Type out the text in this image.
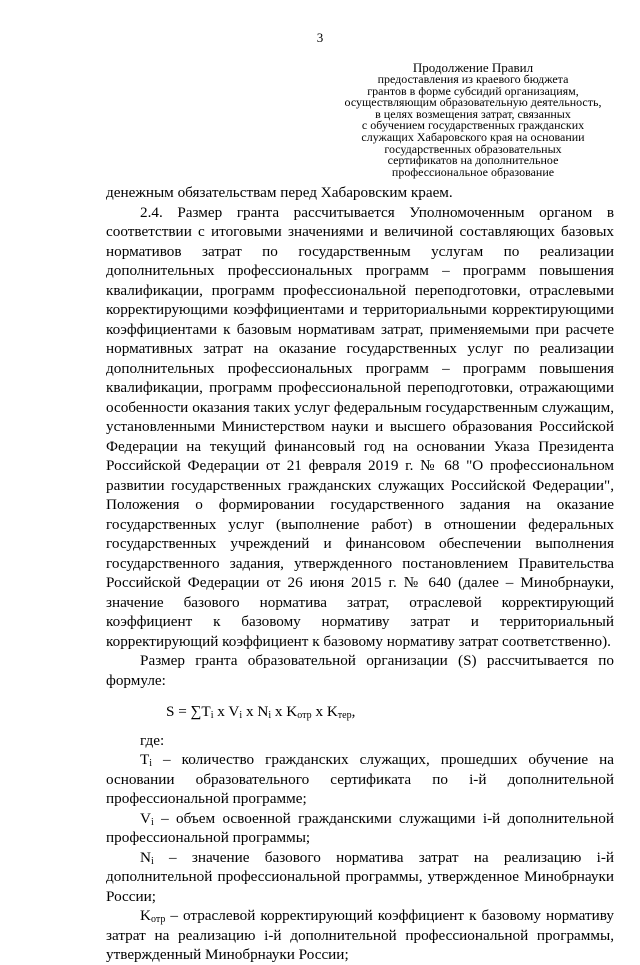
3
Продолжение Правил
предоставления из краевого бюджета
грантов в форме субсидий организациям,
осуществляющим образовательную деятельность,
в целях возмещения затрат, связанных
с обучением государственных гражданских
служащих Хабаровского края на основании
государственных образовательных
сертификатов на дополнительное
профессиональное образование

денежным обязательствам перед Хабаровским краем.

2.4. Размер гранта рассчитывается Уполномоченным органом в соответствии с итоговыми значениями и величиной составляющих базовых нормативов затрат по государственным услугам по реализации дополнительных профессиональных программ – программ повышения квалификации, программ профессиональной переподготовки, отраслевыми корректирующими коэффициентами и территориальными корректирующими коэффициентами к базовым нормативам затрат, применяемыми при расчете нормативных затрат на оказание государственных услуг по реализации дополнительных профессиональных программ – программ повышения квалификации, программ профессиональной переподготовки, отражающими особенности оказания таких услуг федеральным государственным служащим, установленными Министерством науки и высшего образования Российской Федерации на текущий финансовый год на основании Указа Президента Российской Федерации от 21 февраля 2019 г. № 68 "О профессиональном развитии государственных гражданских служащих Российской Федерации", Положения о формировании государственного задания на оказание государственных услуг (выполнение работ) в отношении федеральных государственных учреждений и финансовом обеспечении выполнения государственного задания, утвержденного постановлением Правительства Российской Федерации от 26 июня 2015 г. № 640 (далее – Минобрнауки, значение базового норматива затрат, отраслевой корректирующий коэффициент к базовому нормативу затрат и территориальный корректирующий коэффициент к базовому нормативу затрат соответственно).

Размер гранта образовательной организации (S) рассчитывается по формуле:

$S = \sum T_i$ x $V_i$ x $N_i$ x $K_{отр}$ x $K_{тер}$,

где:

$T_i$ – количество гражданских служащих, прошедших обучение на основании образовательного сертификата по i-й дополнительной профессиональной программе;

$V_i$ – объем освоенной гражданскими служащими i-й дополнительной профессиональной программы;

$N_i$ – значение базового норматива затрат на реализацию i-й дополнительной профессиональной программы, утвержденное Минобрнауки России;

$K_{отр}$ – отраслевой корректирующий коэффициент к базовому нормативу затрат на реализацию i-й дополнительной профессиональной программы, утвержденный Минобрнауки России;
